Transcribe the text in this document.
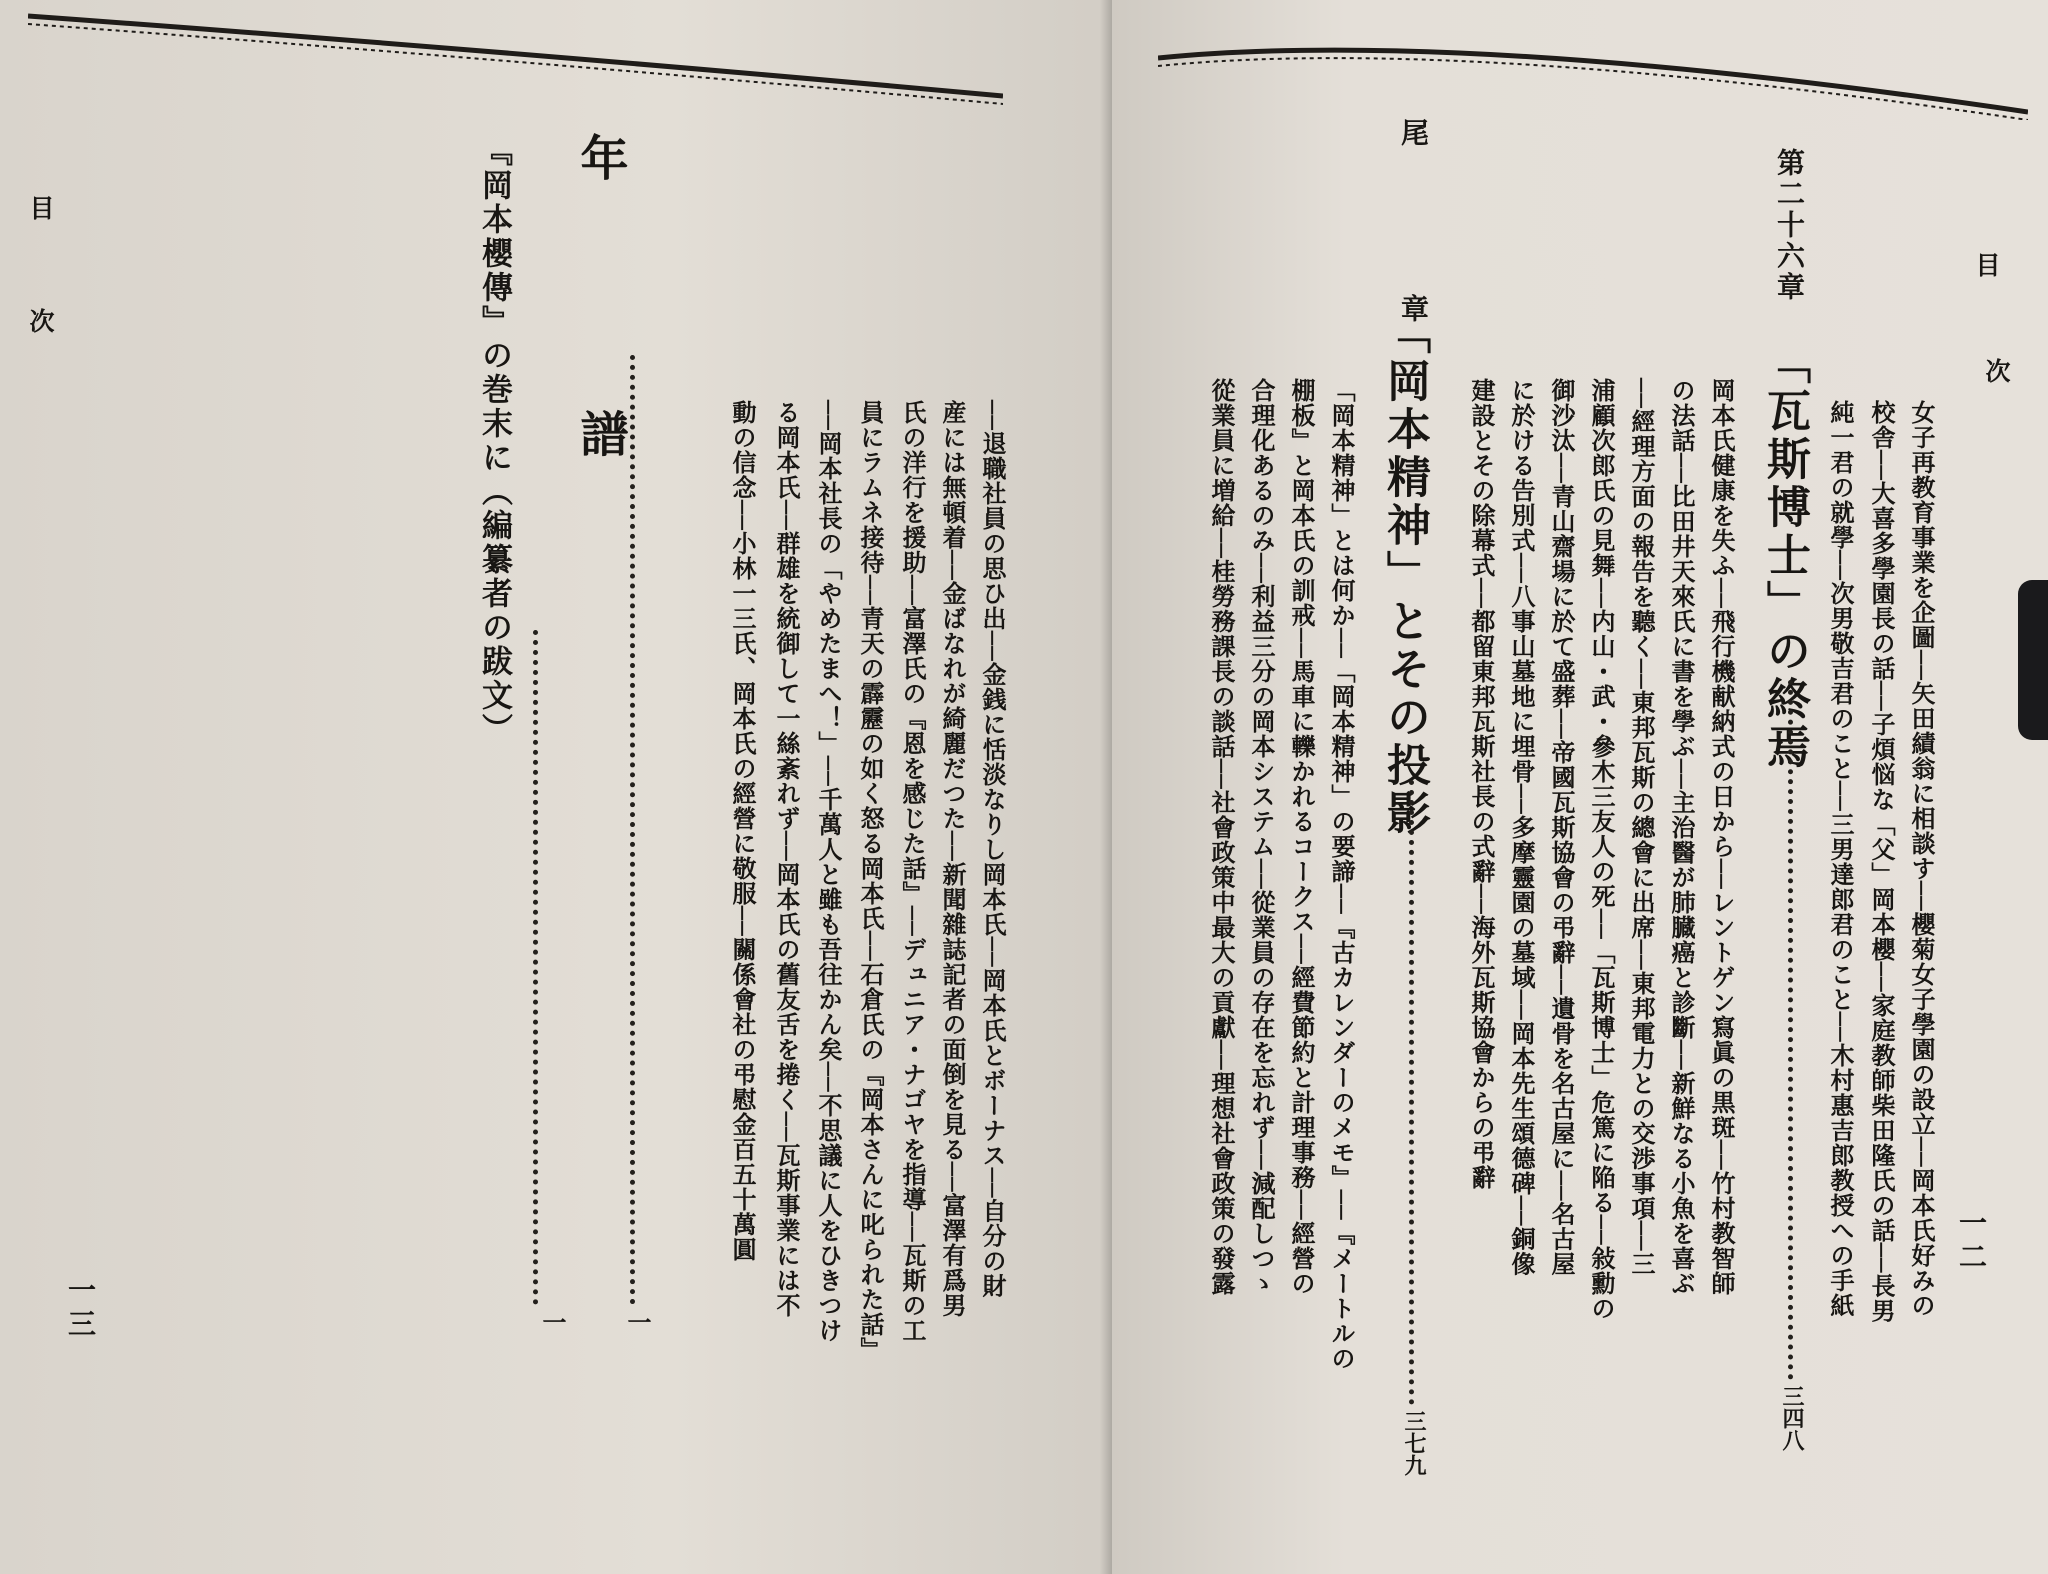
目
次	年　譜
一
『岡本櫻傳』の巻末に（編纂者の跋文）
一
──退職社員の思ひ出──金銭に恬淡なりし岡本氏──岡本氏とボーナス──自分の財
産には無頓着──金ばなれが綺麗だつた──新聞雜誌記者の面倒を見る──富澤有爲男
氏の洋行を援助──富澤氏の『恩を感じた話』──デュニア・ナゴヤを指導──瓦斯の工
員にラムネ接待──青天の霹靂の如く怒る岡本氏──石倉氏の『岡本さんに叱られた話』
──岡本社長の「やめたまへ！」──千萬人と雖も吾往かん矣──不思議に人をひきつけ
る岡本氏──群雄を統御して一絲紊れず──岡本氏の舊友舌を捲く──瓦斯事業には不
動の信念──小林一三氏、岡本氏の經營に敬服──關係會社の弔慰金百五十萬圓
一三
目
次
女子再教育事業を企圖──矢田績翁に相談す──櫻菊女子學園の設立──岡本氏好みの
校舎──大喜多學園長の話──子煩悩な「父」岡本櫻──家庭教師柴田隆氏の話──長男
純一君の就學──次男敬吉君のこと──三男達郎君のこと──木村惠吉郎教授への手紙
第二十六章
「瓦斯博士」の終焉
三四八
岡本氏健康を失ふ──飛行機献納式の日から──レントゲン寫眞の黒斑──竹村教智師
の法話──比田井天來氏に書を學ぶ──主治醫が肺臓癌と診斷──新鮮なる小魚を喜ぶ
──經理方面の報告を聽く──東邦瓦斯の總會に出席──東邦電力との交渉事項──三
浦顧次郎氏の見舞──内山・武・參木三友人の死──「瓦斯博士」危篤に陥る──敍勳の
御沙汰──青山齋場に於て盛葬──帝國瓦斯協會の弔辭──遺骨を名古屋に──名古屋
に於ける告別式──八事山墓地に埋骨──多摩靈園の墓域──岡本先生頌德碑──銅像
建設とその除幕式──都留東邦瓦斯社長の式辭──海外瓦斯協會からの弔辭
尾　章
「岡本精神」とその投影
三七九
「岡本精神」とは何か──「岡本精神」の要諦──『古カレンダーのメモ』──『メートルの
棚板』と岡本氏の訓戒──馬車に轢かれるコークス──經費節約と計理事務──經營の
合理化あるのみ──利益三分の岡本システム──從業員の存在を忘れず──減配しつゝ
從業員に増給──桂勞務課長の談話──社會政策中最大の貢獻──理想社會政策の發露	一二
